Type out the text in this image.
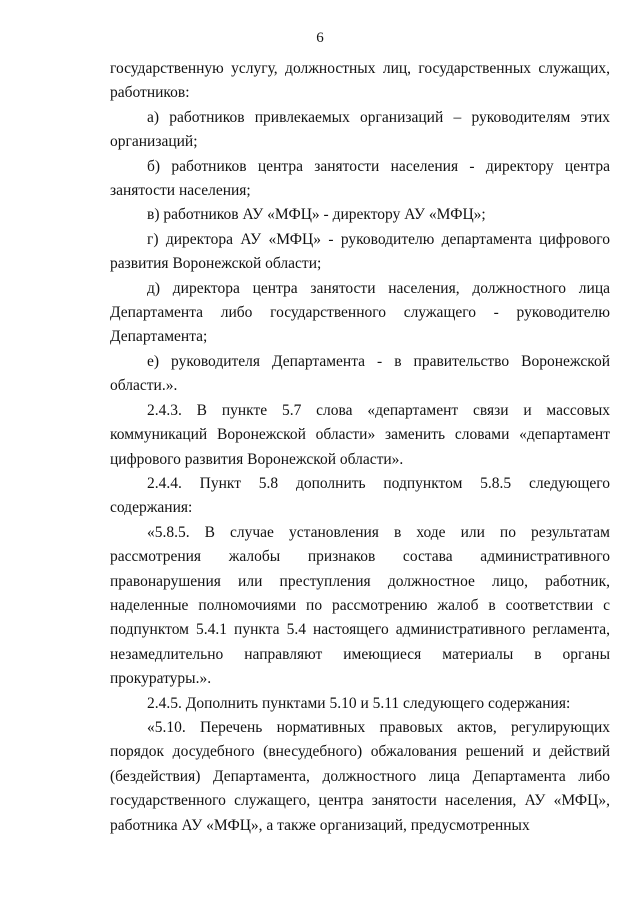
6

государственную услугу, должностных лиц, государственных служащих, работников:

а) работников привлекаемых организаций – руководителям этих организаций;

б) работников центра занятости населения - директору центра занятости населения;

в) работников АУ «МФЦ» - директору АУ «МФЦ»;

г) директора АУ «МФЦ» - руководителю департамента цифрового развития Воронежской области;

д) директора центра занятости населения, должностного лица Департамента либо государственного служащего - руководителю Департамента;

е) руководителя Департамента - в правительство Воронежской области.».

2.4.3. В пункте 5.7 слова «департамент связи и массовых коммуникаций Воронежской области» заменить словами «департамент цифрового развития Воронежской области».

2.4.4. Пункт 5.8 дополнить подпунктом 5.8.5 следующего содержания:

«5.8.5. В случае установления в ходе или по результатам рассмотрения жалобы признаков состава административного правонарушения или преступления должностное лицо, работник, наделенные полномочиями по рассмотрению жалоб в соответствии с подпунктом 5.4.1 пункта 5.4 настоящего административного регламента, незамедлительно направляют имеющиеся материалы в органы прокуратуры.».

2.4.5. Дополнить пунктами 5.10 и 5.11 следующего содержания:

«5.10. Перечень нормативных правовых актов, регулирующих порядок досудебного (внесудебного) обжалования решений и действий (бездействия) Департамента, должностного лица Департамента либо государственного служащего, центра занятости населения, АУ «МФЦ», работника АУ «МФЦ», а также организаций, предусмотренных
